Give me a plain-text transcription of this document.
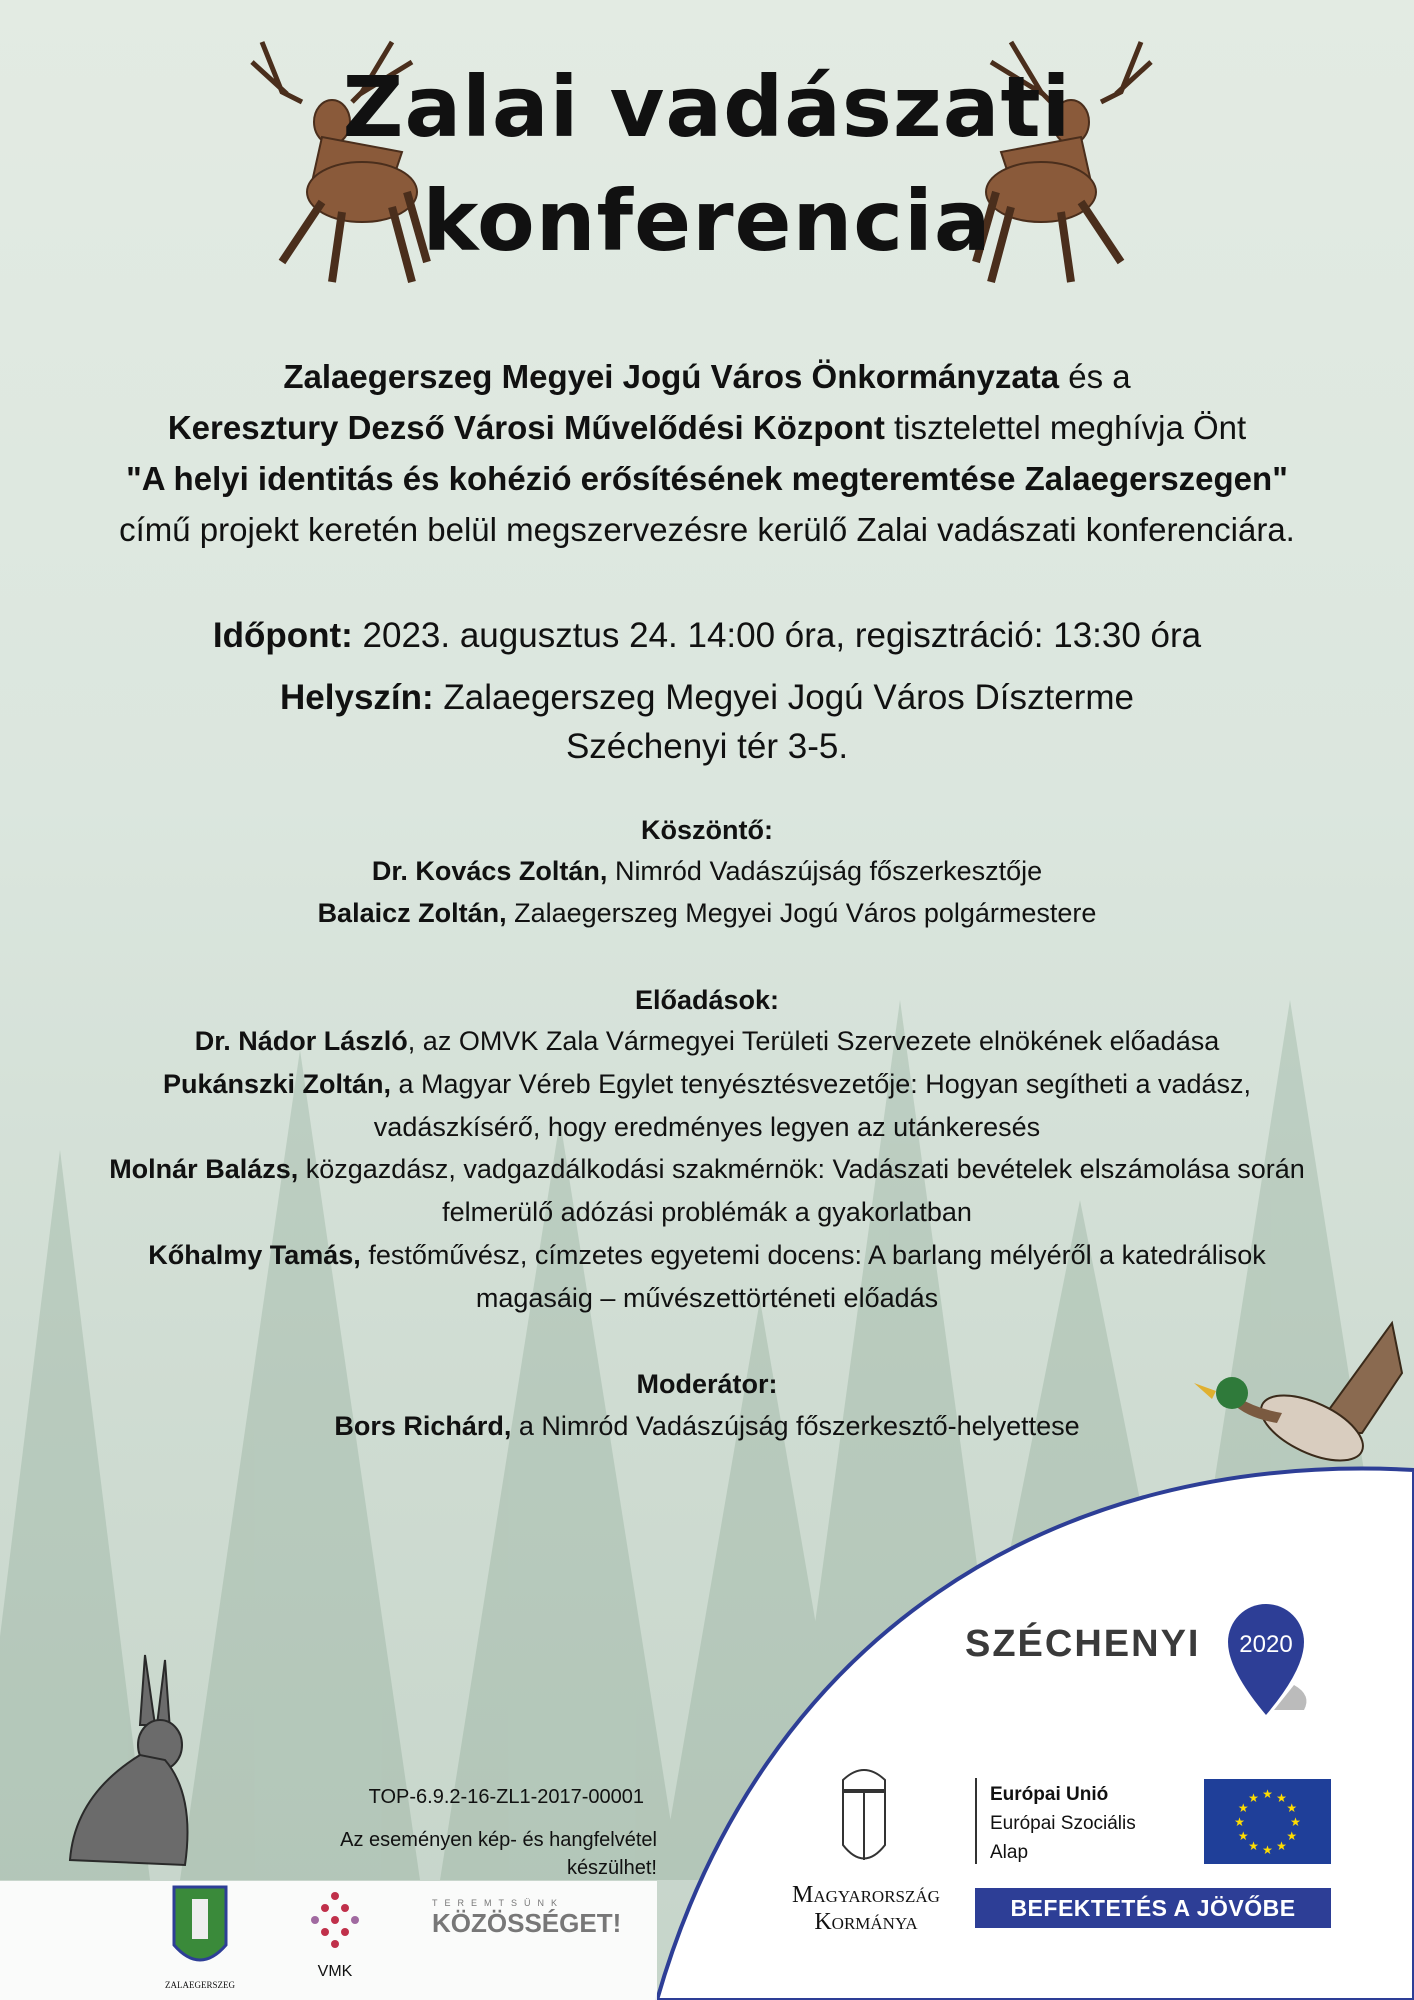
Zalai vadászati
konferencia
Zalaegerszeg Megyei Jogú Város Önkormányzata és a
Keresztury Dezső Városi Művelődési Központ tisztelettel meghívja Önt
"A helyi identitás és kohézió erősítésének megteremtése Zalaegerszegen"
című projekt keretén belül megszervezésre kerülő Zalai vadászati konferenciára.
Időpont: 2023. augusztus 24. 14:00 óra, regisztráció: 13:30 óra
Helyszín: Zalaegerszeg Megyei Jogú Város Díszterme
Széchenyi tér 3-5.
Köszöntő:
Dr. Kovács Zoltán, Nimród Vadászújság főszerkesztője
Balaicz Zoltán, Zalaegerszeg Megyei Jogú Város polgármestere
Előadások:
Dr. Nádor László, az OMVK Zala Vármegyei Területi Szervezete elnökének előadása
Pukánszki Zoltán, a Magyar Véreb Egylet tenyésztésvezetője: Hogyan segítheti a vadász,
vadászkísérő, hogy eredményes legyen az utánkeresés
Molnár Balázs, közgazdász, vadgazdálkodási szakmérnök: Vadászati bevételek elszámolása során
felmerülő adózási problémák a gyakorlatban
Kőhalmy Tamás, festőművész, címzetes egyetemi docens: A barlang mélyéről a katedrálisok
magasáig – művészettörténeti előadás
Moderátor:
Bors Richárd, a Nimród Vadászújság főszerkesztő-helyettese
TOP-6.9.2-16-ZL1-2017-00001
Az eseményen kép- és hangfelvétel
készülhet!
ZALAEGERSZEG
VMK
TEREMTSÜNK
KÖZÖSSÉGET!
SZÉCHENYI 2020
Magyarország
Kormánya
Európai Unió
Európai Szociális
Alap
★
★
★
★
★
★
★
★
★ ★ ★
★
BEFEKTETÉS A JÖVŐBE
